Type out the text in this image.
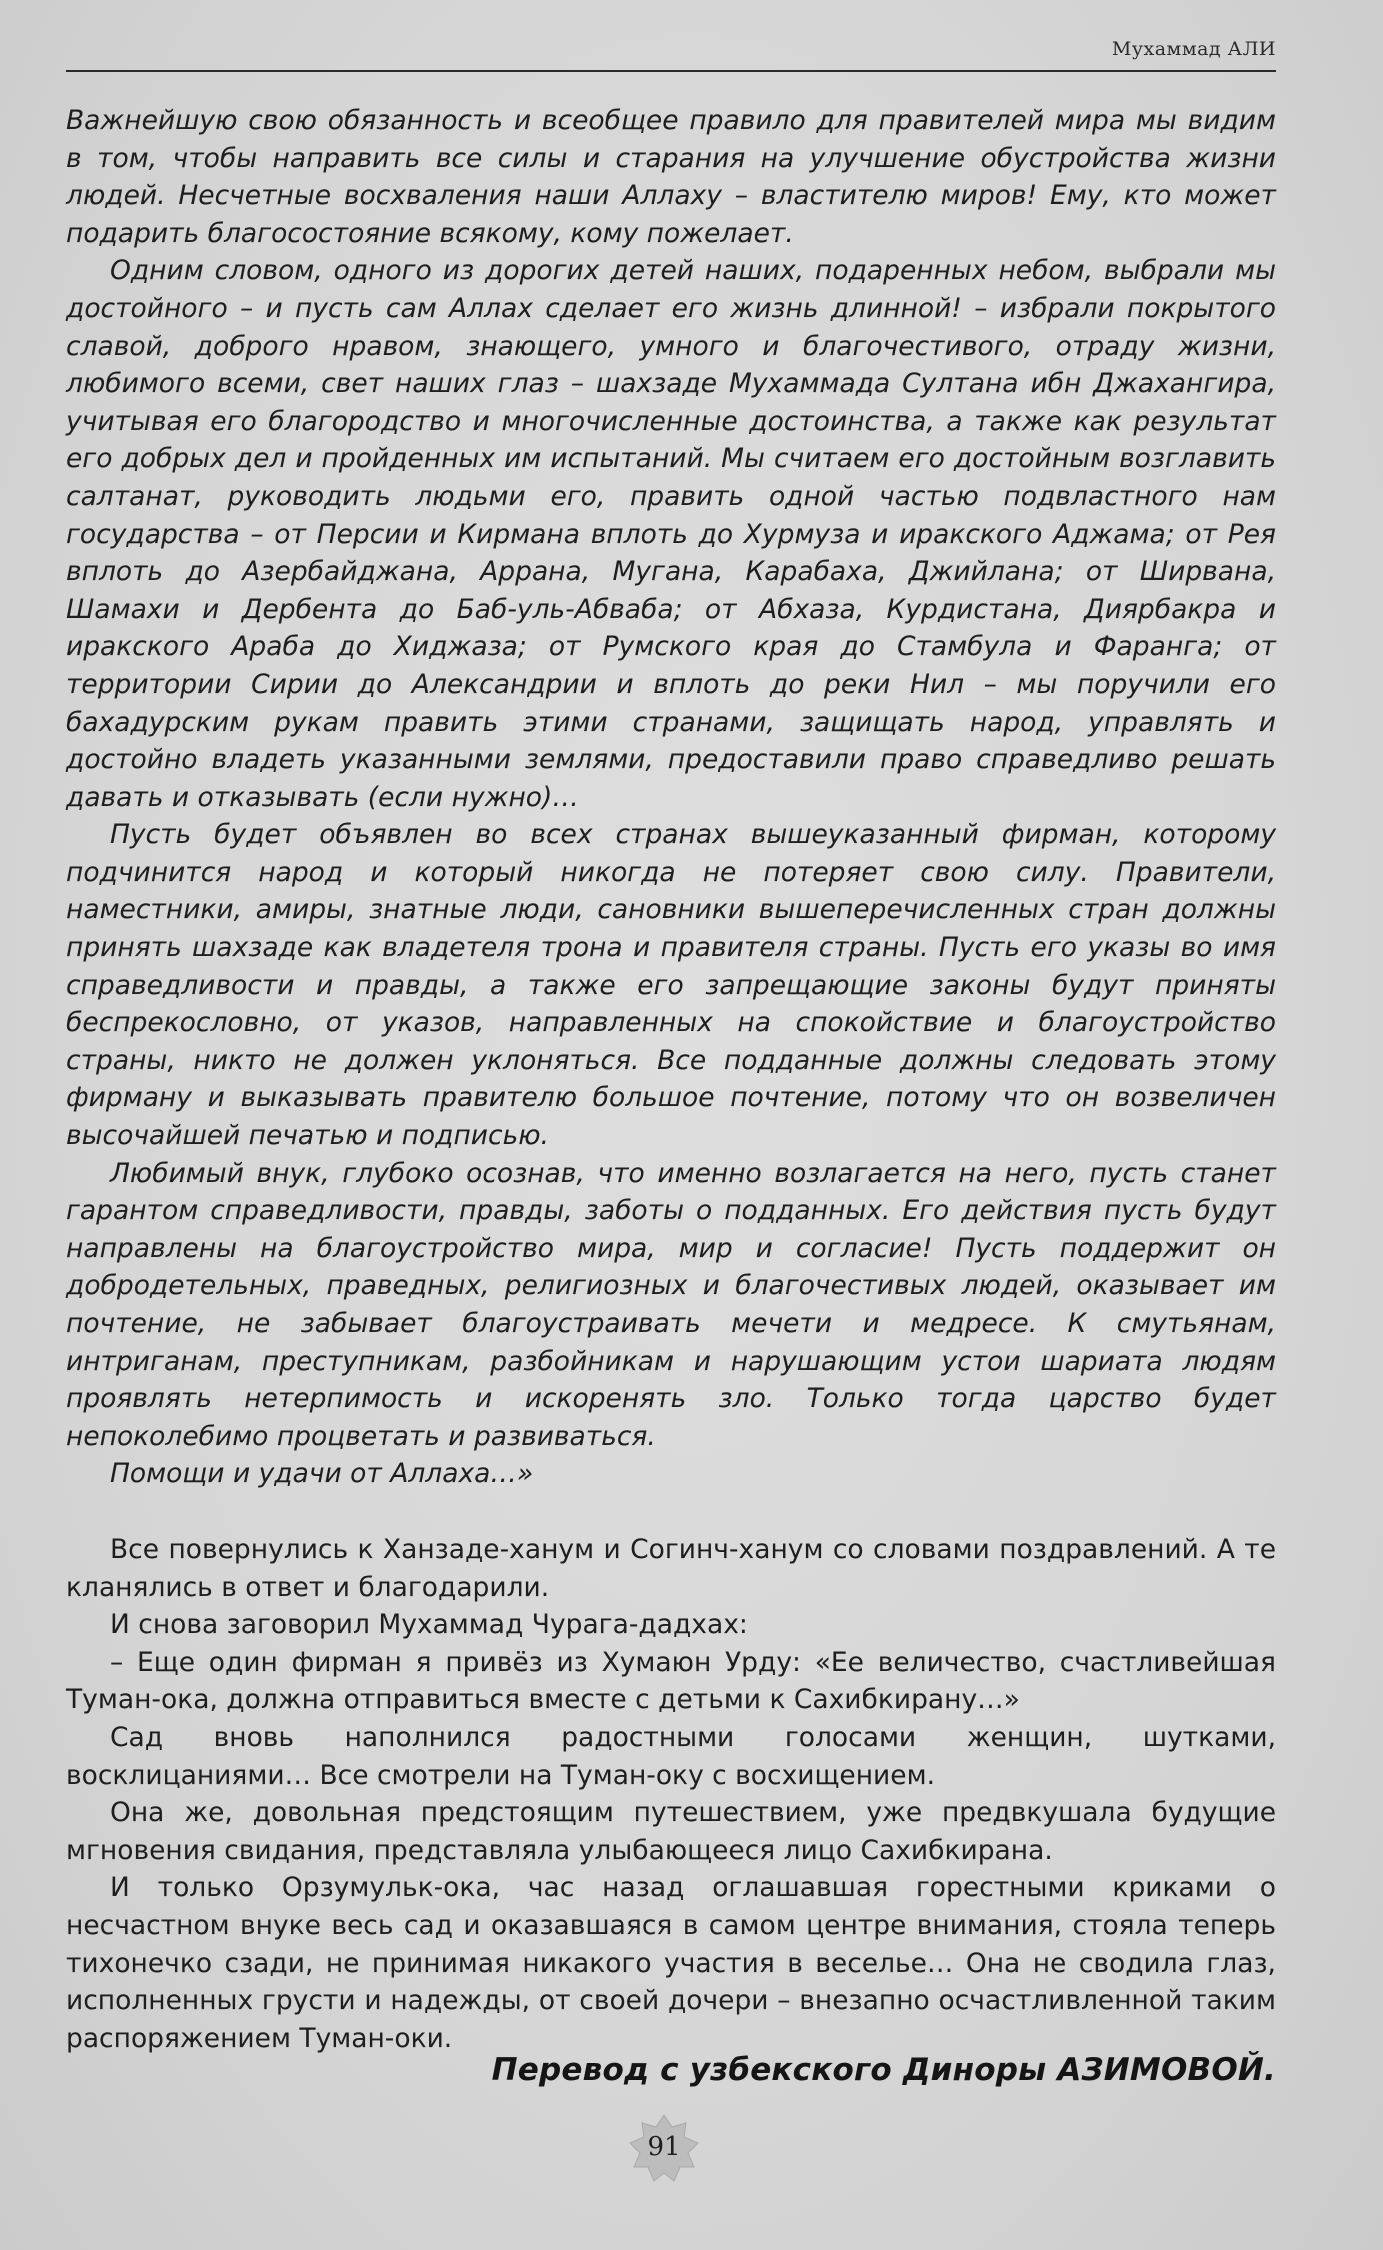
Мухаммад АЛИ

Важнейшую свою обязанность и всеобщее правило для правителей мира мы видим в том, чтобы направить все силы и старания на улучшение обустройства жизни людей. Несчетные восхваления наши Аллаху – властителю миров! Ему, кто может подарить благосостояние всякому, кому пожелает.

Одним словом, одного из дорогих детей наших, подаренных небом, выбрали мы достойного – и пусть сам Аллах сделает его жизнь длинной! – избрали покрытого славой, доброго нравом, знающего, умного и благочестивого, отраду жизни, любимого всеми, свет наших глаз – шахзаде Мухаммада Султана ибн Джахангира, учитывая его благородство и многочисленные достоинства, а также как результат его добрых дел и пройденных им испытаний. Мы считаем его достойным возглавить салтанат, руководить людьми его, править одной частью подвластного нам государства – от Персии и Кирмана вплоть до Хурмуза и иракского Аджама; от Рея вплоть до Азербайджана, Аррана, Мугана, Карабаха, Джийлана; от Ширвана, Шамахи и Дербента до Баб-уль-Абваба; от Абхаза, Курдистана, Диярбакра и иракского Араба до Хиджаза; от Румского края до Стамбула и Фаранга; от территории Сирии до Александрии и вплоть до реки Нил – мы поручили его бахадурским рукам править этими странами, защищать народ, управлять и достойно владеть указанными землями, предоставили право справедливо решать давать и отказывать (если нужно)…

Пусть будет объявлен во всех странах вышеуказанный фирман, которому подчинится народ и который никогда не потеряет свою силу. Правители, наместники, амиры, знатные люди, сановники вышеперечисленных стран должны принять шахзаде как владетеля трона и правителя страны. Пусть его указы во имя справедливости и правды, а также его запрещающие законы будут приняты беспрекословно, от указов, направленных на спокойствие и благоустройство страны, никто не должен уклоняться. Все подданные должны следовать этому фирману и выказывать правителю большое почтение, потому что он возвеличен высочайшей печатью и подписью.

Любимый внук, глубоко осознав, что именно возлагается на него, пусть станет гарантом справедливости, правды, заботы о подданных. Его действия пусть будут направлены на благоустройство мира, мир и согласие! Пусть поддержит он добродетельных, праведных, религиозных и благочестивых людей, оказывает им почтение, не забывает благоустраивать мечети и медресе. К смутьянам, интриганам, преступникам, разбойникам и нарушающим устои шариата людям проявлять нетерпимость и искоренять зло. Только тогда царство будет непоколебимо процветать и развиваться.

Помощи и удачи от Аллаха…»

Все повернулись к Ханзаде-ханум и Согинч-ханум со словами поздравлений. А те кланялись в ответ и благодарили.

И снова заговорил Мухаммад Чурага-дадхах:

– Еще один фирман я привёз из Хумаюн Урду: «Ее величество, счастливейшая Туман-ока, должна отправиться вместе с детьми к Сахибкирану…»

Сад вновь наполнился радостными голосами женщин, шутками, восклицаниями… Все смотрели на Туман-оку с восхищением.

Она же, довольная предстоящим путешествием, уже предвкушала будущие мгновения свидания, представляла улыбающееся лицо Сахибкирана.

И только Орзумульк-ока, час назад оглашавшая горестными криками о несчастном внуке весь сад и оказавшаяся в самом центре внимания, стояла теперь тихонечко сзади, не принимая никакого участия в веселье… Она не сводила глаз, исполненных грусти и надежды, от своей дочери – внезапно осчастливленной таким распоряжением Туман-оки.

Перевод с узбекского Диноры АЗИМОВОЙ.
91
